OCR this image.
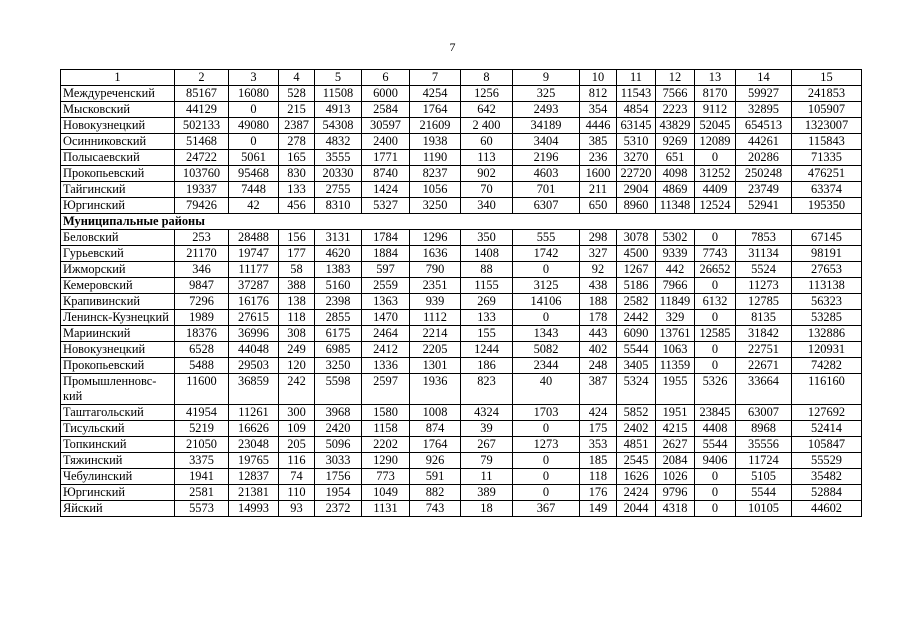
7
1	2	3	4	5	6	7	8	9	10	11	12	13	14	15
Междуреченский	85167	16080	528	11508	6000	4254	1256	325	812	11543	7566	8170	59927	241853
Мысковский	44129	0	215	4913	2584	1764	642	2493	354	4854	2223	9112	32895	105907
Новокузнецкий	502133	49080	2387	54308	30597	21609	2 400	34189	4446	63145	43829	52045	654513	1323007
Осинниковский	51468	0	278	4832	2400	1938	60	3404	385	5310	9269	12089	44261	115843
Полысаевский	24722	5061	165	3555	1771	1190	113	2196	236	3270	651	0	20286	71335
Прокопьевский	103760	95468	830	20330	8740	8237	902	4603	1600	22720	4098	31252	250248	476251
Тайгинский	19337	7448	133	2755	1424	1056	70	701	211	2904	4869	4409	23749	63374
Юргинский	79426	42	456	8310	5327	3250	340	6307	650	8960	11348	12524	52941	195350
Муниципальные районы														
Беловский	253	28488	156	3131	1784	1296	350	555	298	3078	5302	0	7853	67145
Гурьевский	21170	19747	177	4620	1884	1636	1408	1742	327	4500	9339	7743	31134	98191
Ижморский	346	11177	58	1383	597	790	88	0	92	1267	442	26652	5524	27653
Кемеровский	9847	37287	388	5160	2559	2351	1155	3125	438	5186	7966	0	11273	113138
Крапивинский	7296	16176	138	2398	1363	939	269	14106	188	2582	11849	6132	12785	56323
Ленинск-Кузнецкий	1989	27615	118	2855	1470	1112	133	0	178	2442	329	0	8135	53285
Мариинский	18376	36996	308	6175	2464	2214	155	1343	443	6090	13761	12585	31842	132886
Новокузнецкий	6528	44048	249	6985	2412	2205	1244	5082	402	5544	1063	0	22751	120931
Прокопьевский	5488	29503	120	3250	1336	1301	186	2344	248	3405	11359	0	22671	74282
Промышленновс-кий	11600	36859	242	5598	2597	1936	823	40	387	5324	1955	5326	33664	116160
Таштагольский	41954	11261	300	3968	1580	1008	4324	1703	424	5852	1951	23845	63007	127692
Тисульский	5219	16626	109	2420	1158	874	39	0	175	2402	4215	4408	8968	52414
Топкинский	21050	23048	205	5096	2202	1764	267	1273	353	4851	2627	5544	35556	105847
Тяжинский	3375	19765	116	3033	1290	926	79	0	185	2545	2084	9406	11724	55529
Чебулинский	1941	12837	74	1756	773	591	11	0	118	1626	1026	0	5105	35482
Юргинский	2581	21381	110	1954	1049	882	389	0	176	2424	9796	0	5544	52884
Яйский	5573	14993	93	2372	1131	743	18	367	149	2044	4318	0	10105	44602
